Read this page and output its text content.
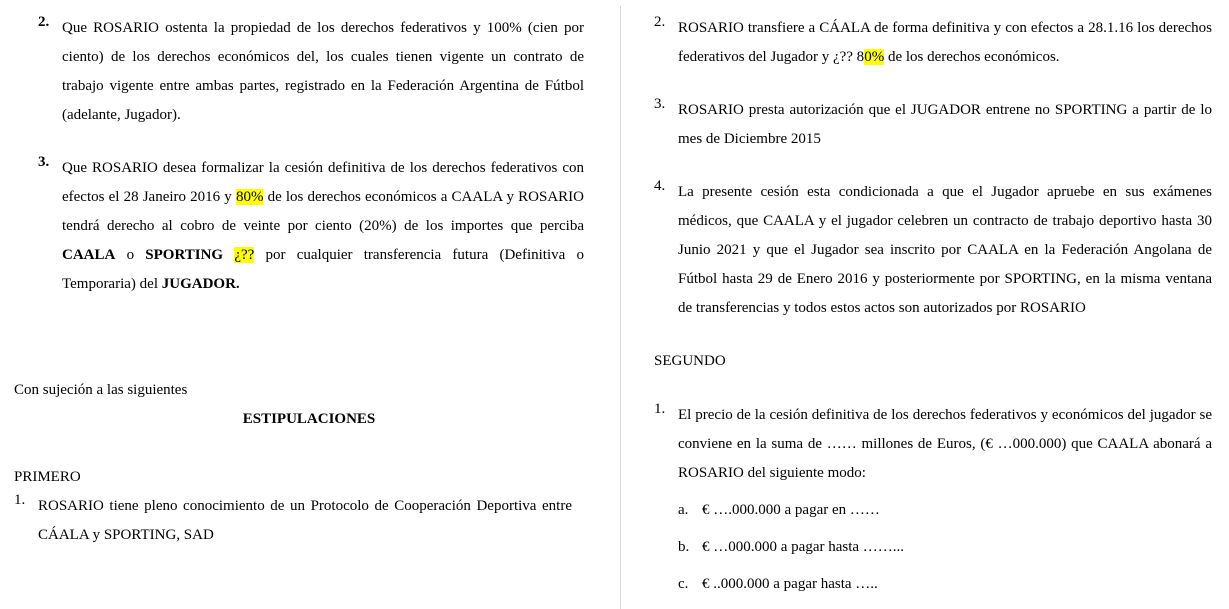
2. Que ROSARIO ostenta la propiedad de los derechos federativos y 100% (cien por ciento) de los derechos económicos del, los cuales tienen vigente un contrato de trabajo vigente entre ambas partes, registrado en la Federación Argentina de Fútbol (adelante, Jugador).
3. Que ROSARIO desea formalizar la cesión definitiva de los derechos federativos con efectos el 28 Janeiro 2016 y 80% de los derechos económicos a CAALA y ROSARIO tendrá derecho al cobro de veinte por ciento (20%) de los importes que perciba CAALA o SPORTING ¿?? por cualquier transferencia futura (Definitiva o Temporaria) del JUGADOR.
Con sujeción a las siguientes
ESTIPULACIONES
PRIMERO
1. ROSARIO tiene pleno conocimiento de un Protocolo de Cooperación Deportiva entre CÁALA y SPORTING, SAD
2. ROSARIO transfiere a CÁALA de forma definitiva y con efectos a 28.1.16 los derechos federativos del Jugador y ¿?? 80% de los derechos económicos.
3. ROSARIO presta autorización que el JUGADOR entrene no SPORTING a partir de lo mes de Diciembre 2015
4. La presente cesión esta condicionada a que el Jugador apruebe en sus exámenes médicos, que CAALA y el jugador celebren un contracto de trabajo deportivo hasta 30 Junio 2021 y que el Jugador sea inscrito por CAALA en la Federación Angolana de Fútbol hasta 29 de Enero 2016 y posteriormente por SPORTING, en la misma ventana de transferencias y todos estos actos son autorizados por ROSARIO
SEGUNDO
1. El precio de la cesión definitiva de los derechos federativos y económicos del jugador se conviene en la suma de …… millones de Euros, (€ …000.000) que CAALA abonará a ROSARIO del siguiente modo:
a. € ….000.000 a pagar en ……
b. € …000.000 a pagar hasta ……...
c. € ..000.000 a pagar hasta …..
